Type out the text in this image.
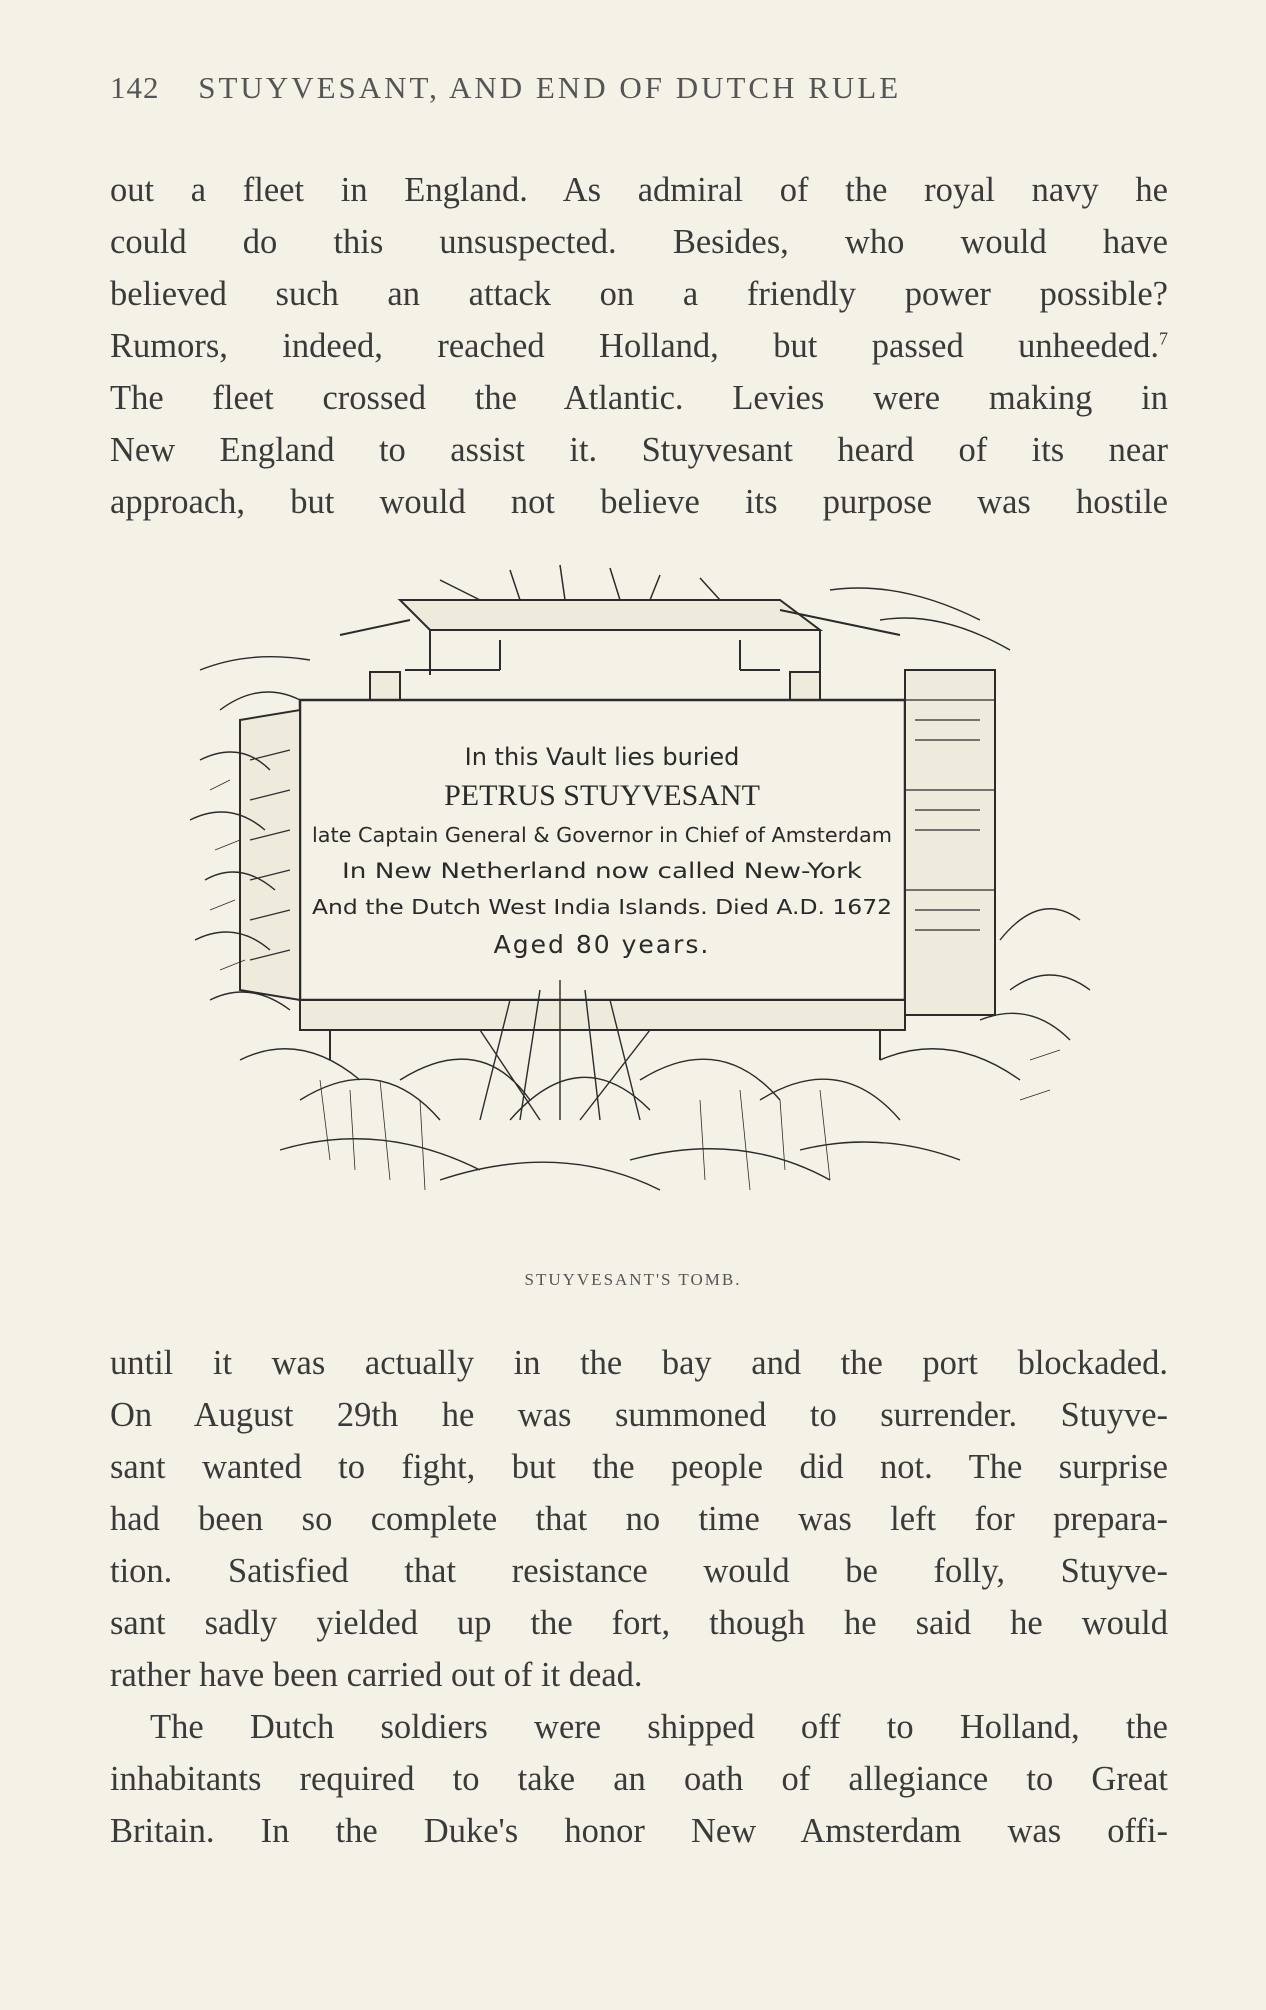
142 STUYVESANT, AND END OF DUTCH RULE
out a fleet in England. As admiral of the royal navy he
could do this unsuspected. Besides, who would have
believed such an attack on a friendly power possible?
Rumors, indeed, reached Holland, but passed unheeded.$^7$
The fleet crossed the Atlantic. Levies were making in
New England to assist it. Stuyvesant heard of its near
approach, but would not believe its purpose was hostile
In this Vault lies buried
PETRUS STUYVESANT
late Captain General & Governor in Chief of Amsterdam
In New Netherland now called New-York
And the Dutch West India Islands. Died A.D. 1672
Aged 80 years.
STUYVESANT'S TOMB.
until it was actually in the bay and the port blockaded.
On August 29th he was summoned to surrender. Stuyve-
sant wanted to fight, but the people did not. The surprise
had been so complete that no time was left for prepara-
tion. Satisfied that resistance would be folly, Stuyve-
sant sadly yielded up the fort, though he said he would
rather have been carried out of it dead.
The Dutch soldiers were shipped off to Holland, the
inhabitants required to take an oath of allegiance to Great
Britain. In the Duke's honor New Amsterdam was offi-
